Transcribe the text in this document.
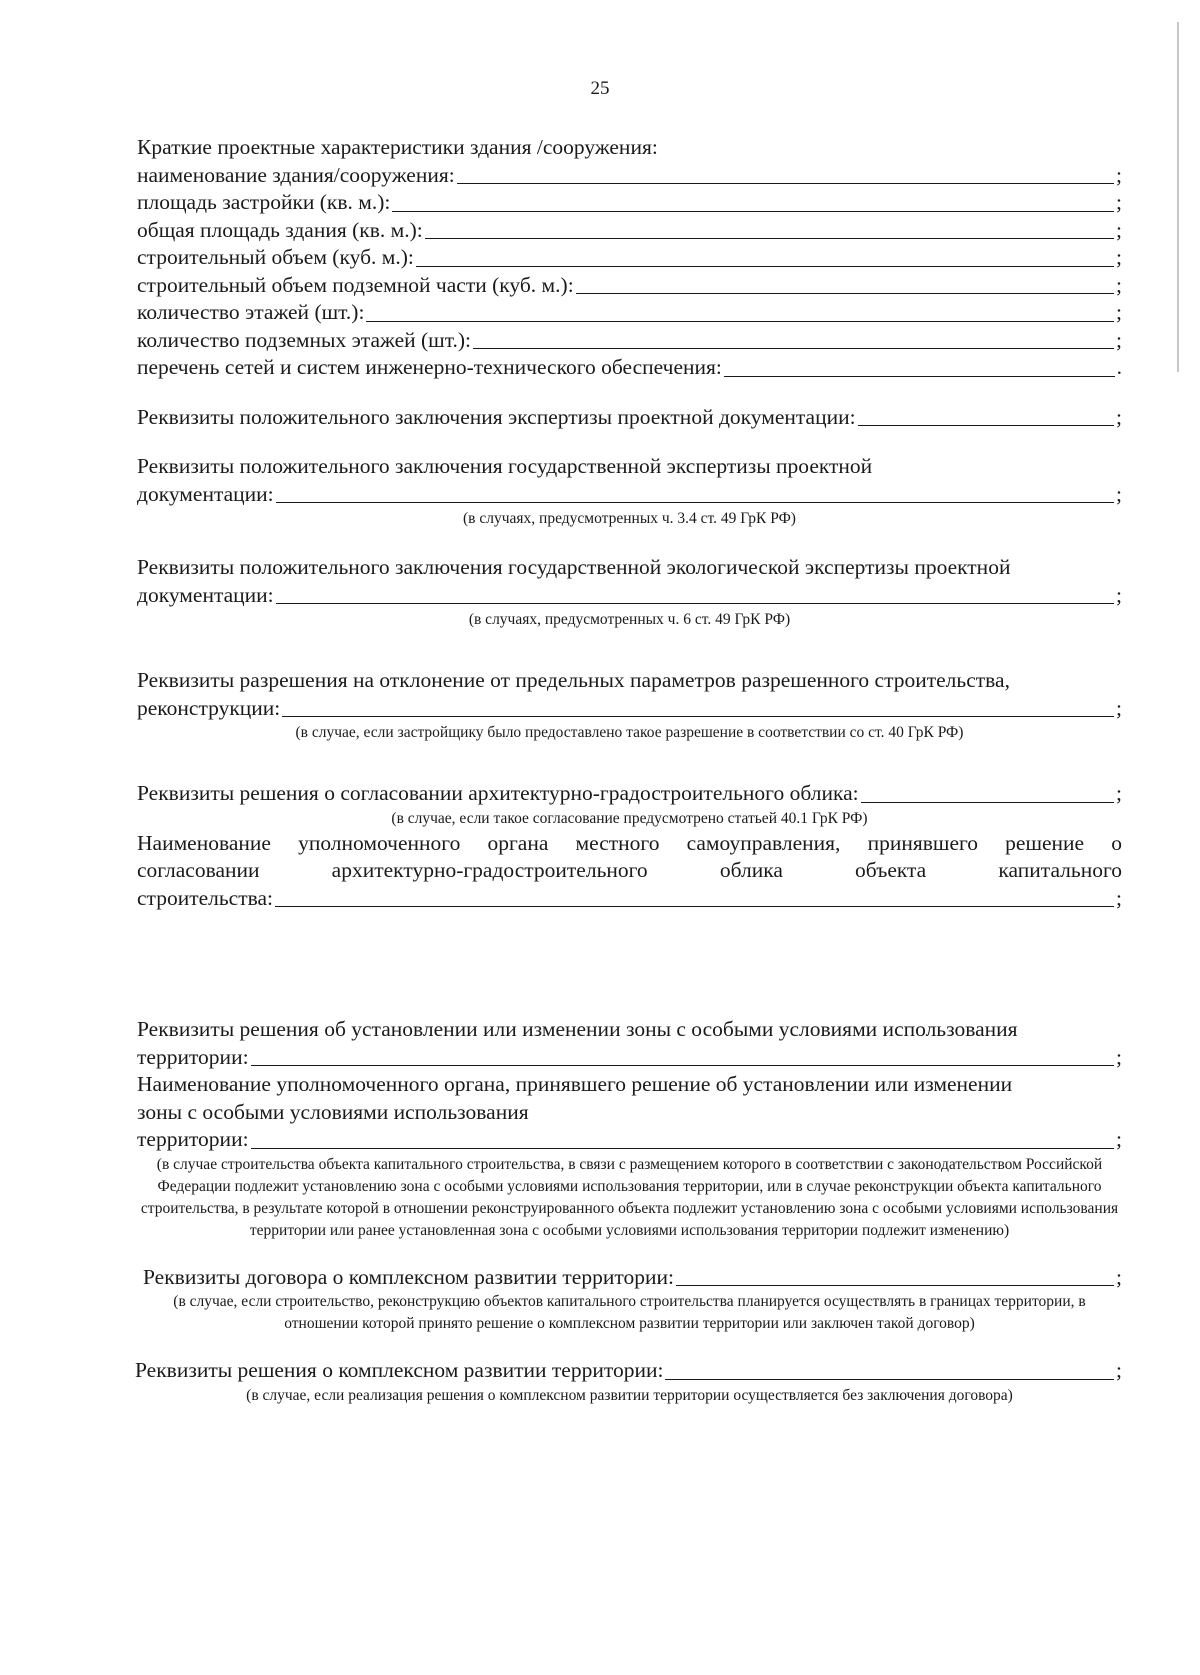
25
Краткие проектные характеристики здания /сооружения:
наименование здания/сооружения:	;
площадь застройки (кв. м.):	;
общая площадь здания (кв. м.):	;
строительный объем (куб. м.):	;
строительный объем подземной части (куб. м.):	;
количество этажей (шт.):	;
количество подземных этажей (шт.):	;
перечень сетей и систем инженерно-технического обеспечения:	.
Реквизиты положительного заключения экспертизы проектной документации:	;
Реквизиты положительного заключения государственной экспертизы проектной
документации:	;
(в случаях, предусмотренных ч. 3.4 ст. 49 ГрК РФ)
Реквизиты положительного заключения государственной экологической экспертизы проектной
документации:	;
(в случаях, предусмотренных ч. 6 ст. 49 ГрК РФ)
Реквизиты разрешения на отклонение от предельных параметров разрешенного строительства,
реконструкции:	;
(в случае, если застройщику было предоставлено такое разрешение в соответствии со ст. 40 ГрК РФ)
Реквизиты решения о согласовании архитектурно-градостроительного облика:	;
(в случае, если такое согласование предусмотрено статьей 40.1 ГрК РФ)
Наименование уполномоченного органа местного самоуправления, принявшего решение о
согласовании архитектурно-градостроительного облика объекта капитального
строительства:	;
Реквизиты решения об установлении или изменении зоны с особыми условиями использования
территории:	;
Наименование уполномоченного органа, принявшего решение об установлении или изменении
зоны с особыми условиями использования
территории:	;
(в случае строительства объекта капитального строительства, в связи с размещением которого в соответствии с законодательством Российской Федерации подлежит установлению зона с особыми условиями использования территории, или в случае реконструкции объекта капитального строительства, в результате которой в отношении реконструированного объекта подлежит установлению зона с особыми условиями использования территории или ранее установленная зона с особыми условиями использования территории подлежит изменению)
Реквизиты договора о комплексном развитии территории:	;
(в случае, если строительство, реконструкцию объектов капитального строительства планируется осуществлять в границах территории, в отношении которой принято решение о комплексном развитии территории или заключен такой договор)
Реквизиты решения о комплексном развитии территории:	;
(в случае, если реализация решения о комплексном развитии территории осуществляется без заключения договора)
